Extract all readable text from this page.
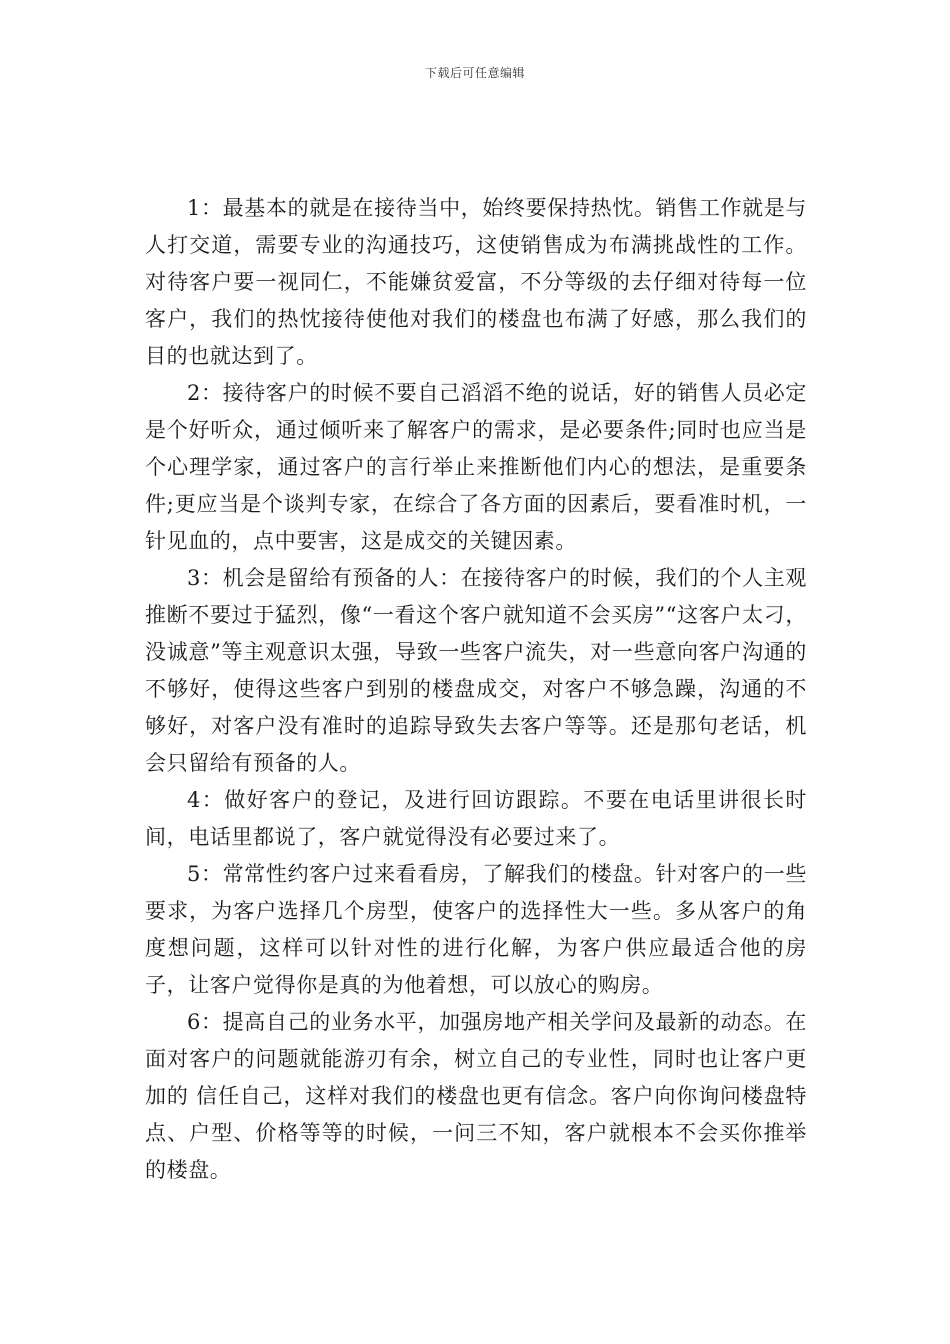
下载后可任意编辑

1：最基本的就是在接待当中，始终要保持热忱。销售工作就是与人打交道，需要专业的沟通技巧，这使销售成为布满挑战性的工作。对待客户要一视同仁，不能嫌贫爱富，不分等级的去仔细对待每一位客户，我们的热忱接待使他对我们的楼盘也布满了好感，那么我们的目的也就达到了。

2：接待客户的时候不要自己滔滔不绝的说话，好的销售人员必定是个好听众，通过倾听来了解客户的需求，是必要条件;同时也应当是个心理学家，通过客户的言行举止来推断他们内心的想法，是重要条件;更应当是个谈判专家，在综合了各方面的因素后，要看准时机，一针见血的，点中要害，这是成交的关键因素。

3：机会是留给有预备的人：在接待客户的时候，我们的个人主观推断不要过于猛烈，像“一看这个客户就知道不会买房”“这客户太刁，没诚意”等主观意识太强，导致一些客户流失，对一些意向客户沟通的不够好，使得这些客户到别的楼盘成交，对客户不够急躁，沟通的不够好，对客户没有准时的追踪导致失去客户等等。还是那句老话，机会只留给有预备的人。

4：做好客户的登记，及进行回访跟踪。不要在电话里讲很长时间，电话里都说了，客户就觉得没有必要过来了。

5：常常性约客户过来看看房，了解我们的楼盘。针对客户的一些要求，为客户选择几个房型，使客户的选择性大一些。多从客户的角度想问题，这样可以针对性的进行化解，为客户供应最适合他的房子，让客户觉得你是真的为他着想，可以放心的购房。

6：提高自己的业务水平，加强房地产相关学问及最新的动态。在面对客户的问题就能游刃有余，树立自己的专业性，同时也让客户更加的 信任自己，这样对我们的楼盘也更有信念。客户向你询问楼盘特点、户型、价格等等的时候，一问三不知，客户就根本不会买你推举的楼盘。
